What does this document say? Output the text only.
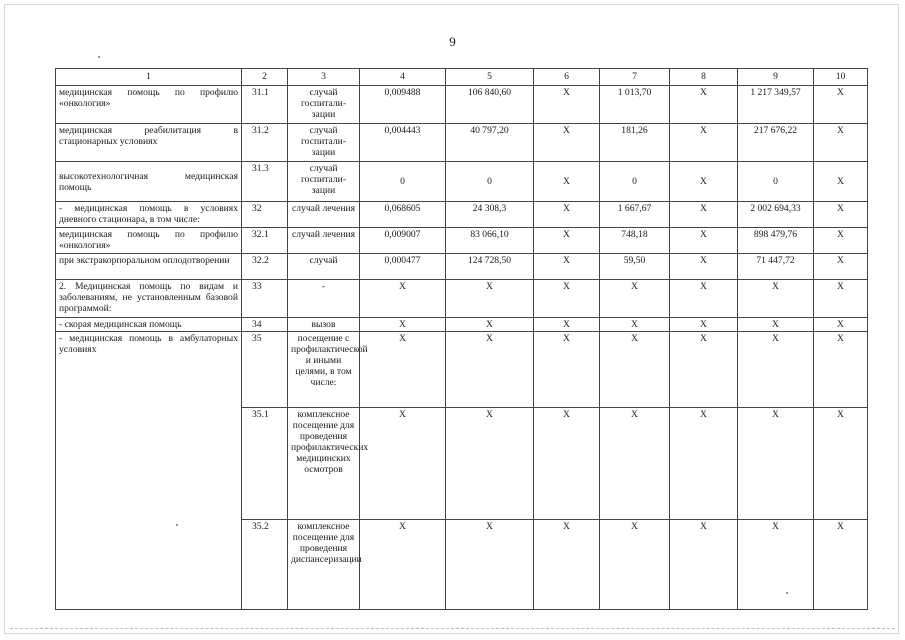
9
1	2	3	4	5	6	7	8	9	10
медицинская помощь по профилю «онкология»	31.1	случай госпитали-зации	0,009488	106 840,60	X	1 013,70	X	1 217 349,57	X
медицинская реабилитация в стационарных условиях	31.2	случай госпитали-зации	0,004443	40 797,20	X	181,26	X	217 676,22	X
высокотехнологичная медицинская помощь	31.3	случай госпитали-зации	0	0	X	0	X	0	X
- медицинская помощь в условиях дневного стационара, в том числе:	32	случай лечения	0,068605	24 308,3	X	1 667,67	X	2 002 694,33	X
медицинская помощь по профилю «онкология»	32.1	случай лечения	0,009007	83 066,10	X	748,18	X	898 479,76	X
при экстракорпоральном оплодотворении	32.2	случай	0,000477	124 728,50	X	59,50	X	71 447,72	X
2. Медицинская помощь по видам и заболеваниям, не установленным базовой программой:	33	-	X	X	X	X	X	X	X
- скорая медицинская помощь	34	вызов	X	X	X	X	X	X	X
- медицинская помощь в амбулаторных условиях	35	посещение с профилактической и иными целями, в том числе:	X	X	X	X	X	X	X
	35.1	комплексное посещение для проведения профилактических медицинских осмотров	X	X	X	X	X	X	X
	35.2	комплексное посещение для проведения диспансеризации	X	X	X	X	X	X	X
